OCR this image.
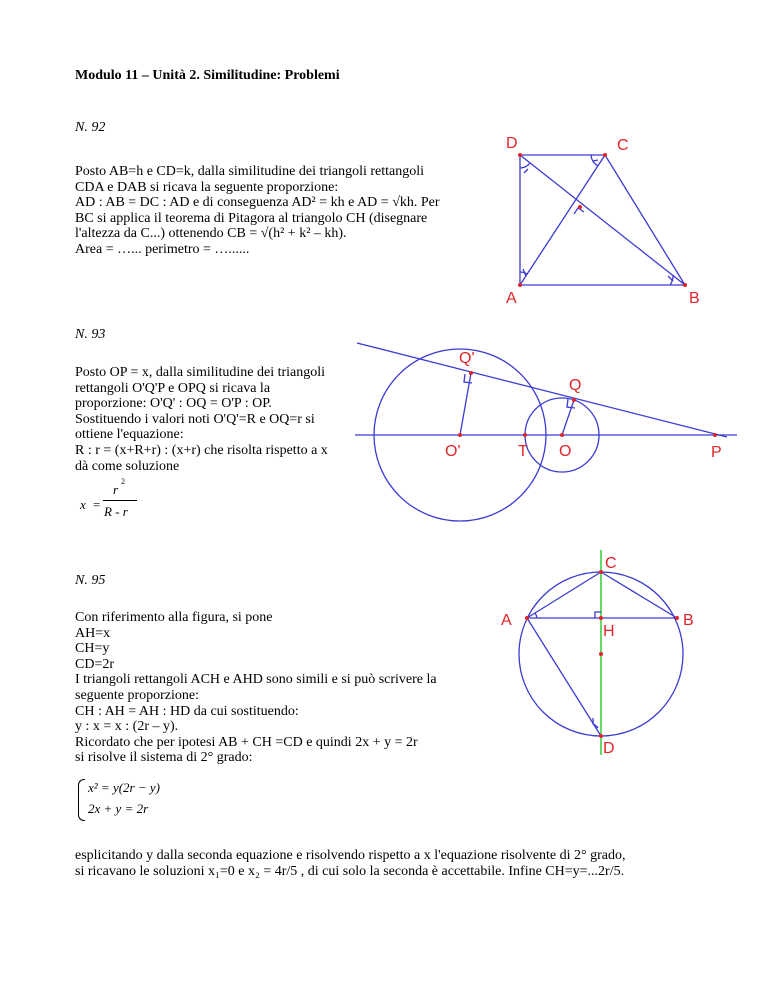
Modulo 11 – Unità 2. Similitudine: Problemi
N. 92
Posto AB=h e CD=k, dalla similitudine dei triangoli rettangoli
CDA e DAB si ricava la seguente proporzione:
AD : AB = DC : AD e di conseguenza AD² = kh e AD = √kh. Per
BC si applica il teorema di Pitagora al triangolo CH (disegnare
l'altezza da C...) ottenendo CB = √(h² + k² – kh).
Area = …... perimetro = …......
D	C
A	B
N. 93
Posto OP = x, dalla similitudine dei triangoli
rettangoli O'Q'P e OPQ si ricava la
proporzione: O'Q' : OQ = O'P : OP.
Sostituendo i valori noti O'Q'=R e OQ=r si
ottiene l'equazione:
R : r = (x+R+r) : (x+r) che risolta rispetto a x
dà come soluzione
x =
r
2
R - r
Q'
Q
O'	T O	P
N. 95
Con riferimento alla figura, si pone
AH=x
CH=y
CD=2r
I triangoli rettangoli ACH e AHD sono simili e si può scrivere la
seguente proporzione:
CH : AH = AH : HD da cui sostituendo:
y : x = x : (2r – y).
Ricordato che per ipotesi AB + CH =CD e quindi 2x + y = 2r
si risolve il sistema di 2° grado:
x² = y(2r − y)
2x + y = 2r
C
A	B
H
D
esplicitando y dalla seconda equazione e risolvendo rispetto a x l'equazione risolvente di 2° grado,
si ricavano le soluzioni x₁=0 e x₂ = 4r/5 , di cui solo la seconda è accettabile. Infine CH=y=...2r/5.
